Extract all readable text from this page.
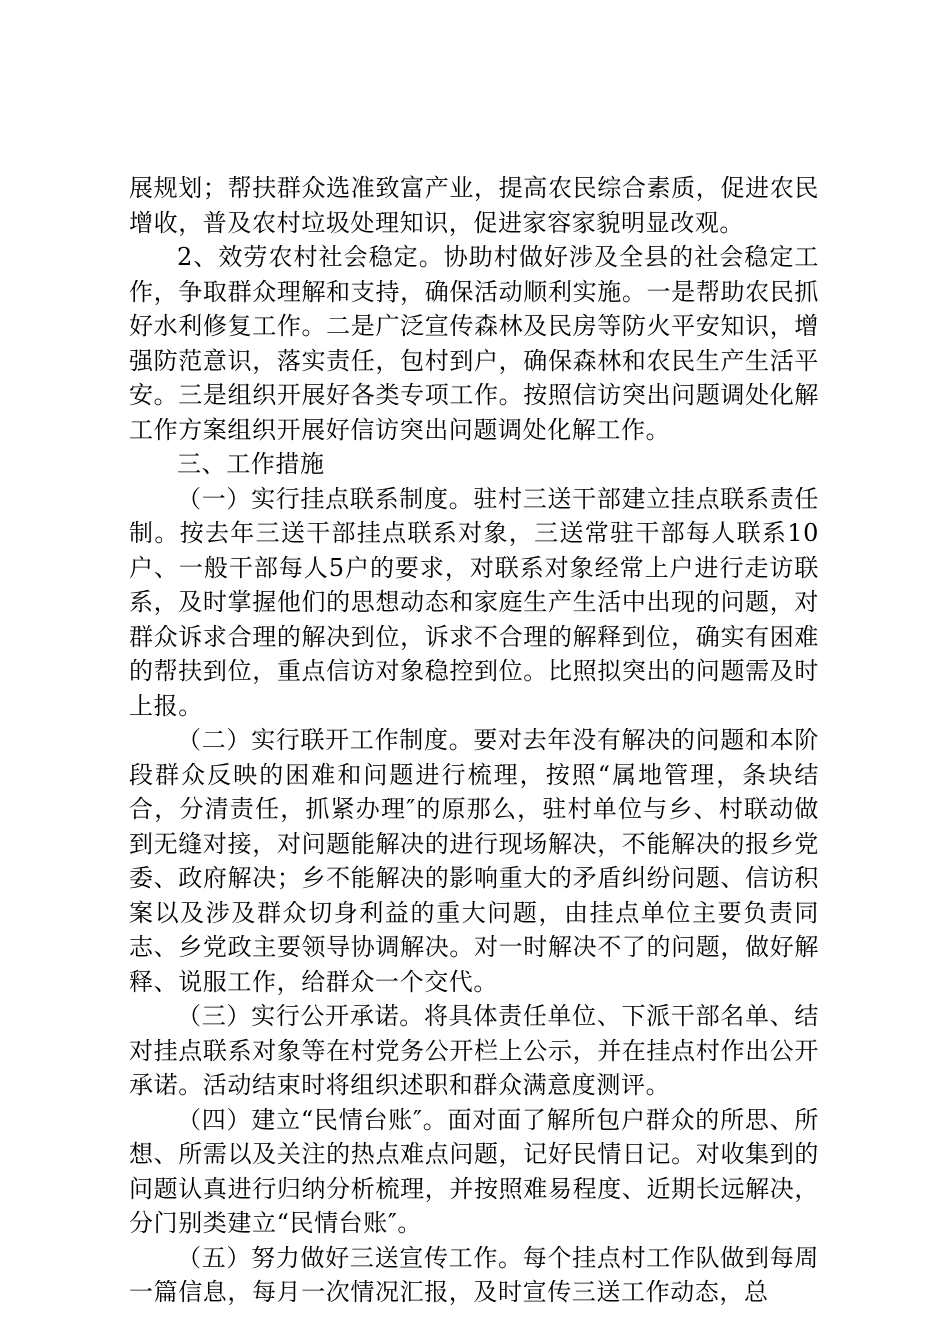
展规划；帮扶群众选准致富产业，提高农民综合素质，促进农民增收，普及农村垃圾处理知识，促进家容家貌明显改观。

2、效劳农村社会稳定。协助村做好涉及全县的社会稳定工作，争取群众理解和支持，确保活动顺利实施。一是帮助农民抓好水利修复工作。二是广泛宣传森林及民房等防火平安知识，增强防范意识，落实责任，包村到户，确保森林和农民生产生活平安。三是组织开展好各类专项工作。按照信访突出问题调处化解工作方案组织开展好信访突出问题调处化解工作。

三、工作措施

（一）实行挂点联系制度。驻村三送干部建立挂点联系责任制。按去年三送干部挂点联系对象，三送常驻干部每人联系10户、一般干部每人5户的要求，对联系对象经常上户进行走访联系，及时掌握他们的思想动态和家庭生产生活中出现的问题，对群众诉求合理的解决到位，诉求不合理的解释到位，确实有困难的帮扶到位，重点信访对象稳控到位。比照拟突出的问题需及时上报。

（二）实行联开工作制度。要对去年没有解决的问题和本阶段群众反映的困难和问题进行梳理，按照“属地管理，条块结合，分清责任，抓紧办理″的原那么，驻村单位与乡、村联动做到无缝对接，对问题能解决的进行现场解决，不能解决的报乡党委、政府解决；乡不能解决的影响重大的矛盾纠纷问题、信访积案以及涉及群众切身利益的重大问题，由挂点单位主要负责同志、乡党政主要领导协调解决。对一时解决不了的问题，做好解释、说服工作，给群众一个交代。

（三）实行公开承诺。将具体责任单位、下派干部名单、结对挂点联系对象等在村党务公开栏上公示，并在挂点村作出公开承诺。活动结束时将组织述职和群众满意度测评。

（四）建立“民情台账″。面对面了解所包户群众的所思、所想、所需以及关注的热点难点问题，记好民情日记。对收集到的问题认真进行归纳分析梳理，并按照难易程度、近期长远解决，分门别类建立“民情台账″。

（五）努力做好三送宣传工作。每个挂点村工作队做到每周一篇信息，每月一次情况汇报，及时宣传三送工作动态，总
